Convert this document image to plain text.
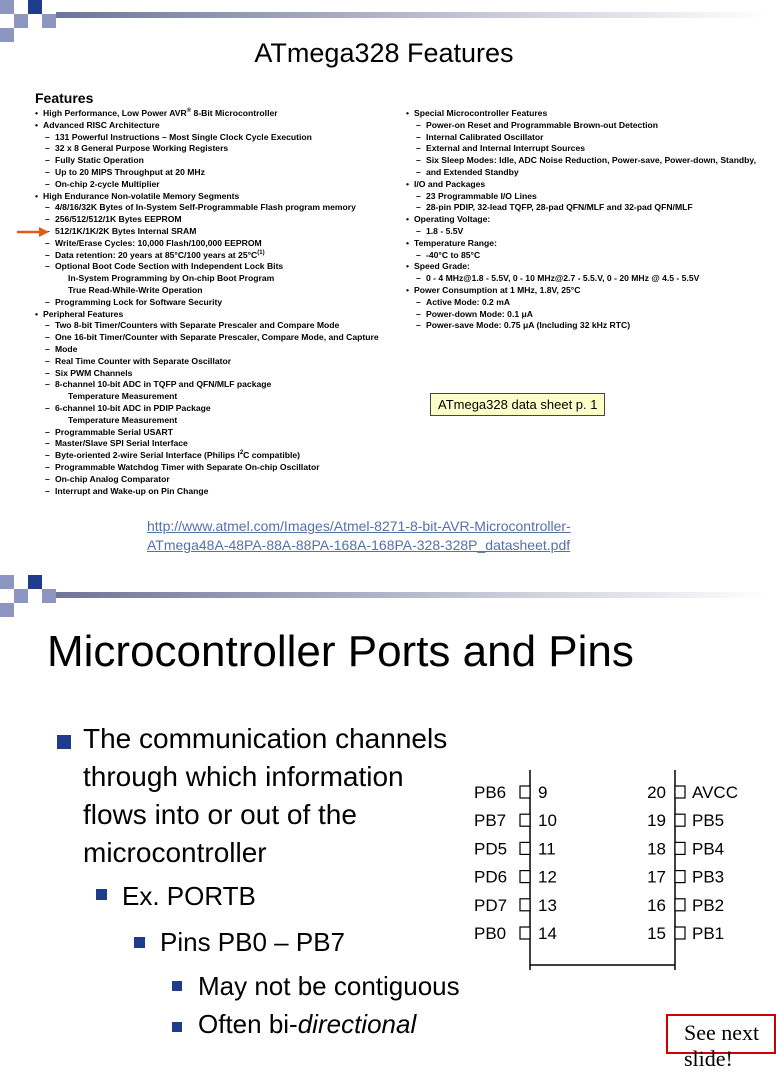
ATmega328 Features
Features
• High Performance, Low Power AVR® 8-Bit Microcontroller
• Advanced RISC Architecture
– 131 Powerful Instructions – Most Single Clock Cycle Execution
– 32 x 8 General Purpose Working Registers
– Fully Static Operation
– Up to 20 MIPS Throughput at 20 MHz
– On-chip 2-cycle Multiplier
• High Endurance Non-volatile Memory Segments
– 4/8/16/32K Bytes of In-System Self-Programmable Flash program memory
– 256/512/512/1K Bytes EEPROM
– 512/1K/1K/2K Bytes Internal SRAM
– Write/Erase Cycles: 10,000 Flash/100,000 EEPROM
– Data retention: 20 years at 85°C/100 years at $25^\circ C^{(1)}$
– Optional Boot Code Section with Independent Lock Bits
In-System Programming by On-chip Boot Program
True Read-While-Write Operation
– Programming Lock for Software Security
• Peripheral Features
– Two 8-bit Timer/Counters with Separate Prescaler and Compare Mode
– One 16-bit Timer/Counter with Separate Prescaler, Compare Mode, and Capture
– Mode
– Real Time Counter with Separate Oscillator
– Six PWM Channels
– 8-channel 10-bit ADC in TQFP and QFN/MLF package
Temperature Measurement
– 6-channel 10-bit ADC in PDIP Package
Temperature Measurement
– Programmable Serial USART
– Master/Slave SPI Serial Interface
– Byte-oriented 2-wire Serial Interface (Philips $I^2C$ compatible)
– Programmable Watchdog Timer with Separate On-chip Oscillator
– On-chip Analog Comparator
– Interrupt and Wake-up on Pin Change
• Special Microcontroller Features
– Power-on Reset and Programmable Brown-out Detection
– Internal Calibrated Oscillator
– External and Internal Interrupt Sources
– Six Sleep Modes: Idle, ADC Noise Reduction, Power-save, Power-down, Standby,
– and Extended Standby
• I/O and Packages
– 23 Programmable I/O Lines
– 28-pin PDIP, 32-lead TQFP, 28-pad QFN/MLF and 32-pad QFN/MLF
• Operating Voltage:
– 1.8 - 5.5V
• Temperature Range:
– -40°C to 85°C
• Speed Grade:
– 0 - 4 MHz@1.8 - 5.5V, 0 - 10 MHz@2.7 - 5.5.V, 0 - 20 MHz @ 4.5 - 5.5V
• Power Consumption at 1 MHz, 1.8V, 25°C
– Active Mode: 0.2 mA
– Power-down Mode: 0.1 μA
– Power-save Mode: 0.75 μA (Including 32 kHz RTC)
ATmega328 data sheet p. 1
http://www.atmel.com/Images/Atmel-8271-8-bit-AVR-Microcontroller-
ATmega48A-48PA-88A-88PA-168A-168PA-328-328P_datasheet.pdf
Microcontroller Ports and Pins
The communication channels
through which information
flows into or out of the
microcontroller
Ex. PORTB
Pins PB0 – PB7
May not be contiguous
Often bi-directional	See next slide!
PB6 9
PB7 10
PD5 11
PD6 12
PD7 13
PB0 14
20 AVCC
19 PB5
18 PB4
17 PB3
16 PB2
15 PB1
